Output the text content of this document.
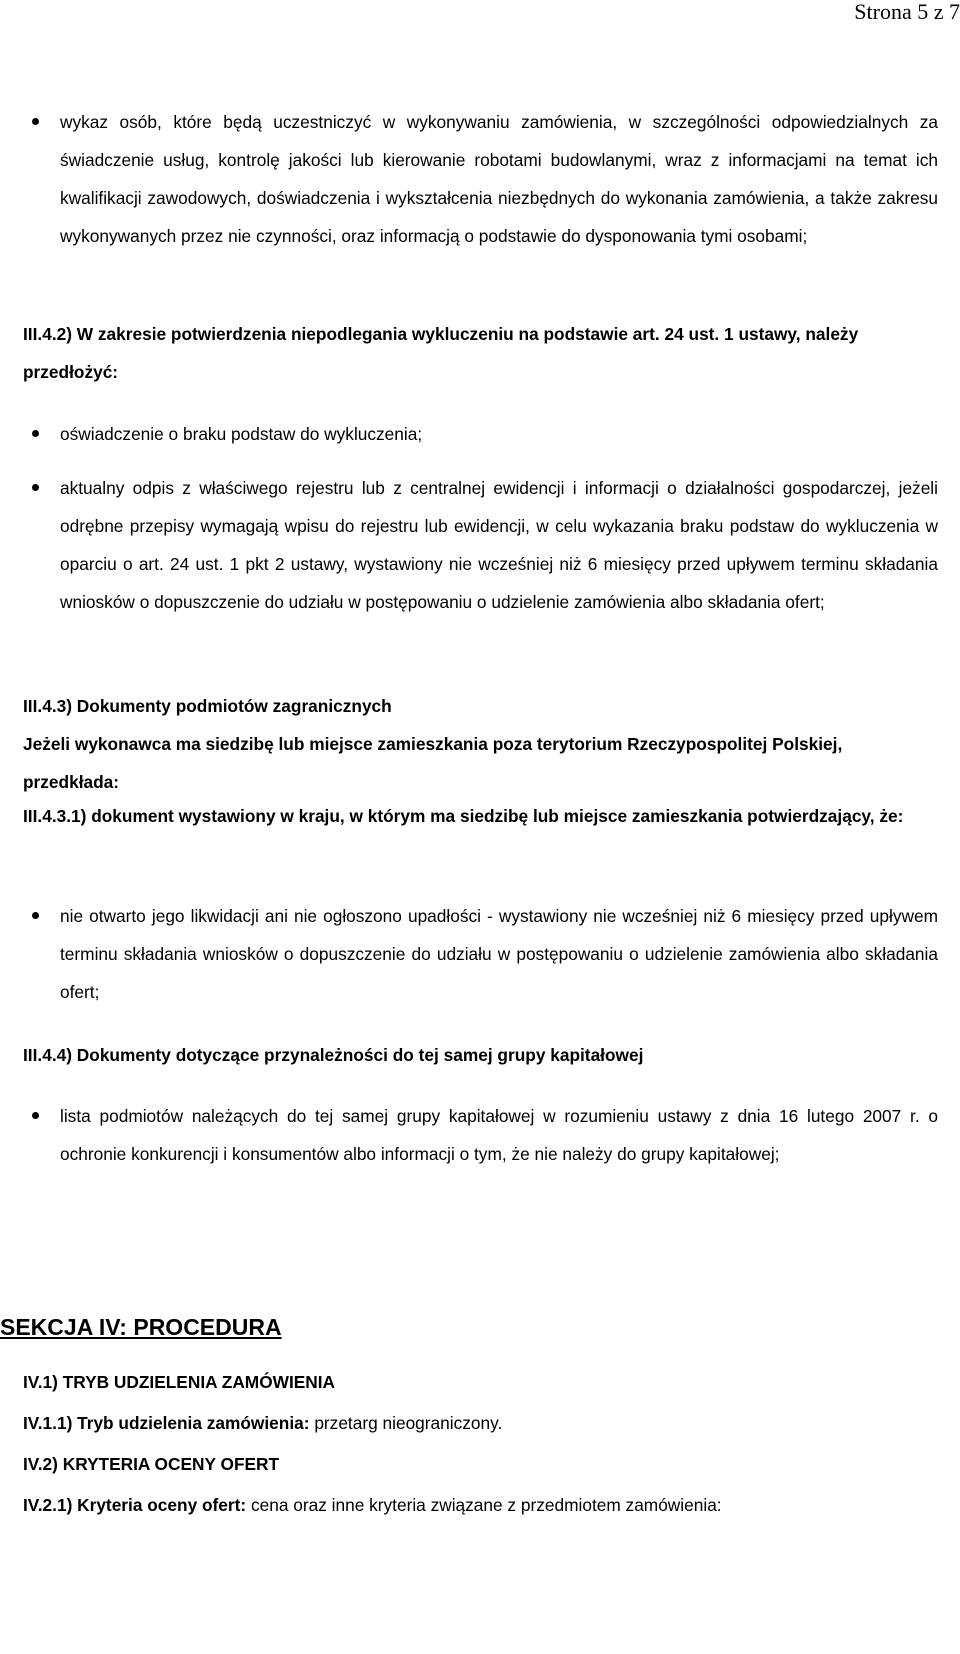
Strona 5 z 7
wykaz osób, które będą uczestniczyć w wykonywaniu zamówienia, w szczególności odpowiedzialnych za świadczenie usług, kontrolę jakości lub kierowanie robotami budowlanymi, wraz z informacjami na temat ich kwalifikacji zawodowych, doświadczenia i wykształcenia niezbędnych do wykonania zamówienia, a także zakresu wykonywanych przez nie czynności, oraz informacją o podstawie do dysponowania tymi osobami;
III.4.2) W zakresie potwierdzenia niepodlegania wykluczeniu na podstawie art. 24 ust. 1 ustawy, należy przedłożyć:
oświadczenie o braku podstaw do wykluczenia;
aktualny odpis z właściwego rejestru lub z centralnej ewidencji i informacji o działalności gospodarczej, jeżeli odrębne przepisy wymagają wpisu do rejestru lub ewidencji, w celu wykazania braku podstaw do wykluczenia w oparciu o art. 24 ust. 1 pkt 2 ustawy, wystawiony nie wcześniej niż 6 miesięcy przed upływem terminu składania wniosków o dopuszczenie do udziału w postępowaniu o udzielenie zamówienia albo składania ofert;
III.4.3) Dokumenty podmiotów zagranicznych
Jeżeli wykonawca ma siedzibę lub miejsce zamieszkania poza terytorium Rzeczypospolitej Polskiej, przedkłada:
III.4.3.1) dokument wystawiony w kraju, w którym ma siedzibę lub miejsce zamieszkania potwierdzający, że:
nie otwarto jego likwidacji ani nie ogłoszono upadłości - wystawiony nie wcześniej niż 6 miesięcy przed upływem terminu składania wniosków o dopuszczenie do udziału w postępowaniu o udzielenie zamówienia albo składania ofert;
III.4.4) Dokumenty dotyczące przynależności do tej samej grupy kapitałowej
lista podmiotów należących do tej samej grupy kapitałowej w rozumieniu ustawy z dnia 16 lutego 2007 r. o ochronie konkurencji i konsumentów albo informacji o tym, że nie należy do grupy kapitałowej;
SEKCJA IV: PROCEDURA
IV.1) TRYB UDZIELENIA ZAMÓWIENIA
IV.1.1) Tryb udzielenia zamówienia: przetarg nieograniczony.
IV.2) KRYTERIA OCENY OFERT
IV.2.1) Kryteria oceny ofert: cena oraz inne kryteria związane z przedmiotem zamówienia:
